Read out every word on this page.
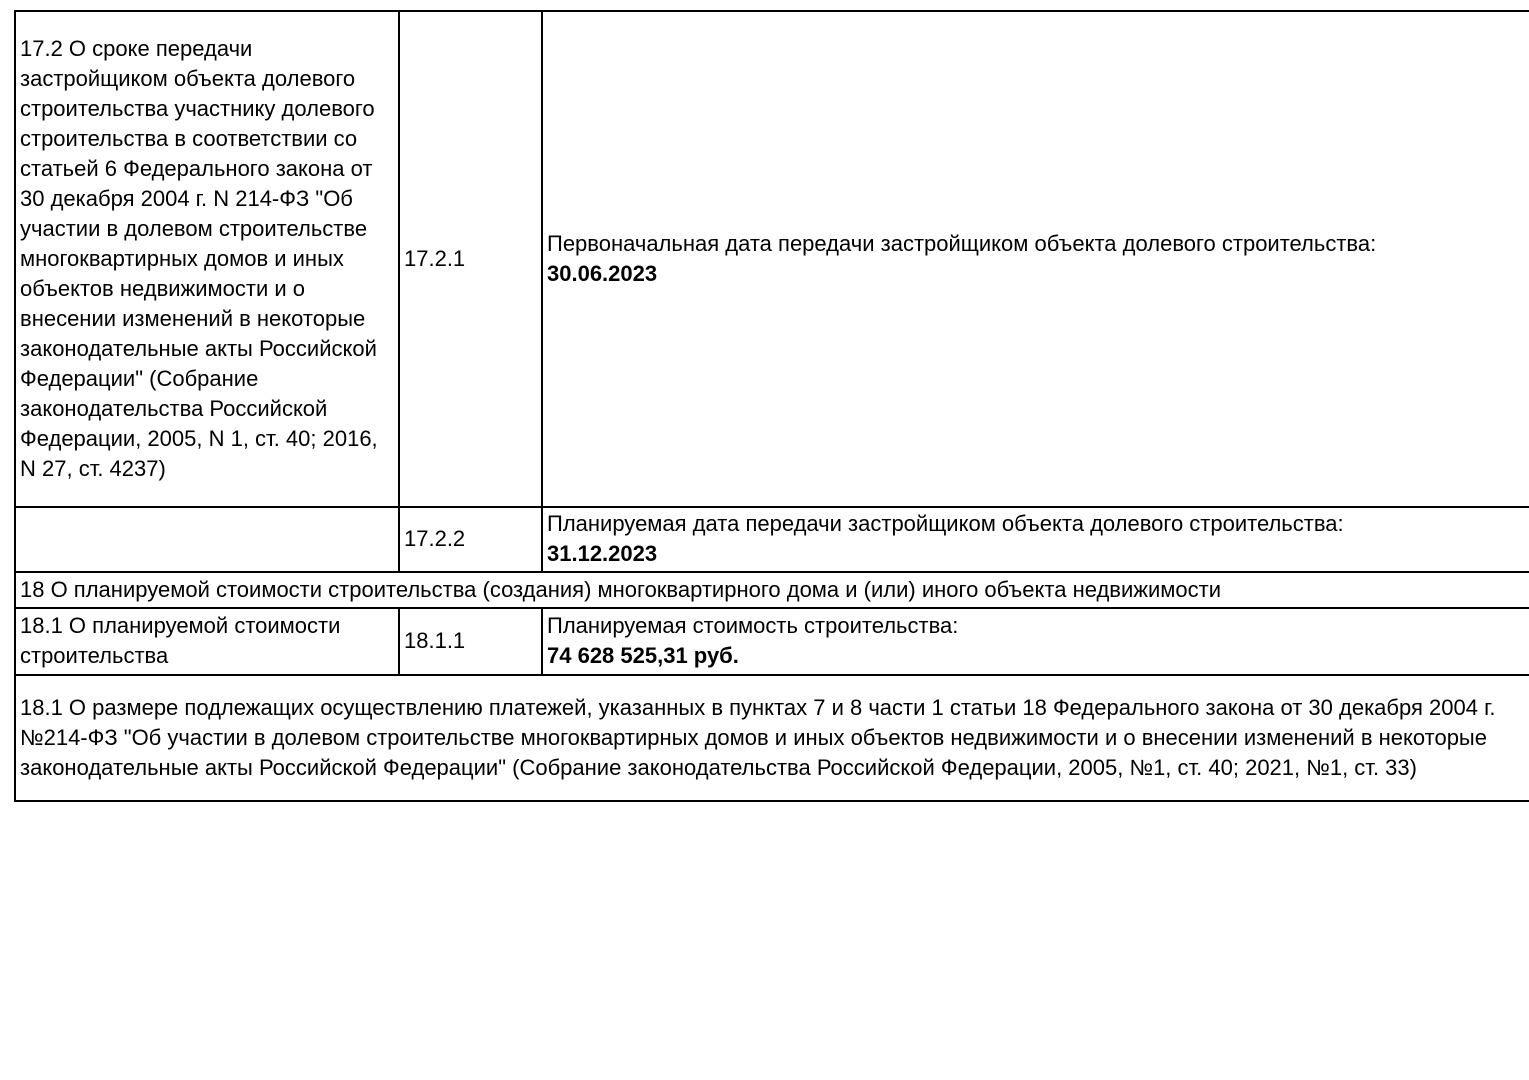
17.2 О сроке передачи застройщиком объекта долевого строительства участнику долевого строительства в соответствии со статьей 6 Федерального закона от 30 декабря 2004 г. N 214-ФЗ "Об участии в долевом строительстве многоквартирных домов и иных объектов недвижимости и о внесении изменений в некоторые законодательные акты Российской Федерации" (Собрание законодательства Российской Федерации, 2005, N 1, ст. 40; 2016, N 27, ст. 4237)	17.2.1	Первоначальная дата передачи застройщиком объекта долевого строительства:
30.06.2023

	17.2.2	Планируемая дата передачи застройщиком объекта долевого строительства:
31.12.2023

18 О планируемой стоимости строительства (создания) многоквартирного дома и (или) иного объекта недвижимости		
18.1 О планируемой стоимости строительства	18.1.1	Планируемая стоимость строительства:
74 628 525,31 руб.

18.1 О размере подлежащих осуществлению платежей, указанных в пунктах 7 и 8 части 1 статьи 18 Федерального закона от 30 декабря 2004 г. №214-ФЗ "Об участии в долевом строительстве многоквартирных домов и иных объектов недвижимости и о внесении изменений в некоторые законодательные акты Российской Федерации" (Собрание законодательства Российской Федерации, 2005, №1, ст. 40; 2021, №1, ст. 33)		
